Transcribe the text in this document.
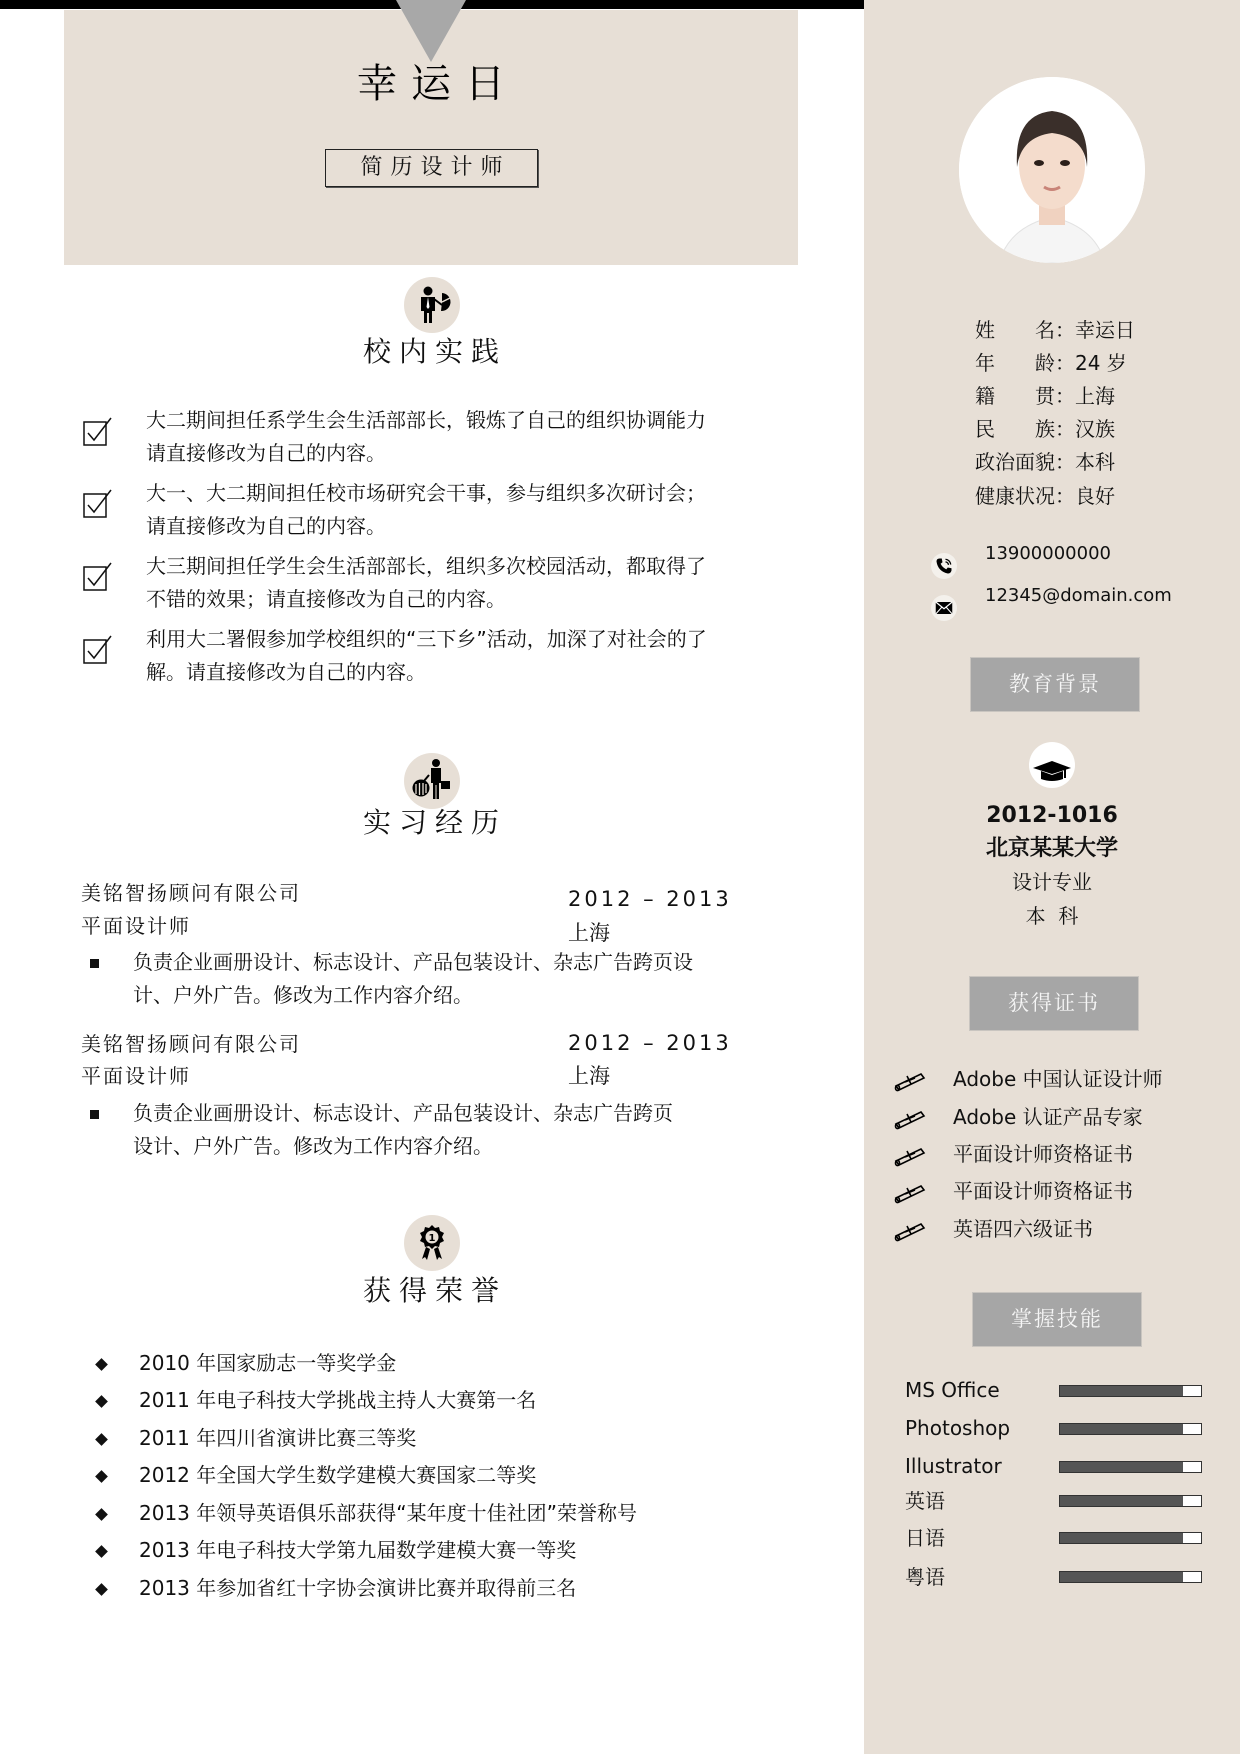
幸运日
简历设计师
姓　　名：幸运日
年　　龄：24 岁
籍　　贯：上海
民　　族：汉族
政治面貌：本科
健康状况：良好
13900000000
12345@domain.com
教育背景
2012-1016
北京某某大学
设计专业
本  科
获得证书
Adobe 中国认证设计师
Adobe 认证产品专家
平面设计师资格证书
平面设计师资格证书
英语四六级证书
掌握技能
MS Office
Photoshop
Illustrator
英语
日语
粤语
校内实践
大二期间担任系学生会生活部部长，锻炼了自己的组织协调能力
请直接修改为自己的内容。
大一、大二期间担任校市场研究会干事，参与组织多次研讨会；
请直接修改为自己的内容。
大三期间担任学生会生活部部长，组织多次校园活动，都取得了
不错的效果；请直接修改为自己的内容。
利用大二署假参加学校组织的“三下乡”活动，加深了对社会的了
解。请直接修改为自己的内容。
实习经历
美铭智扬顾问有限公司
平面设计师
2012 – 2013
上海
负责企业画册设计、标志设计、产品包装设计、杂志广告跨页设
计、户外广告。修改为工作内容介绍。
美铭智扬顾问有限公司
平面设计师
2012 – 2013
上海
负责企业画册设计、标志设计、产品包装设计、杂志广告跨页
设计、户外广告。修改为工作内容介绍。
1
获得荣誉
2010 年国家励志一等奖学金
2011 年电子科技大学挑战主持人大赛第一名
2011 年四川省演讲比赛三等奖
2012 年全国大学生数学建模大赛国家二等奖
2013 年领导英语俱乐部获得“某年度十佳社团”荣誉称号
2013 年电子科技大学第九届数学建模大赛一等奖
2013 年参加省红十字协会演讲比赛并取得前三名
